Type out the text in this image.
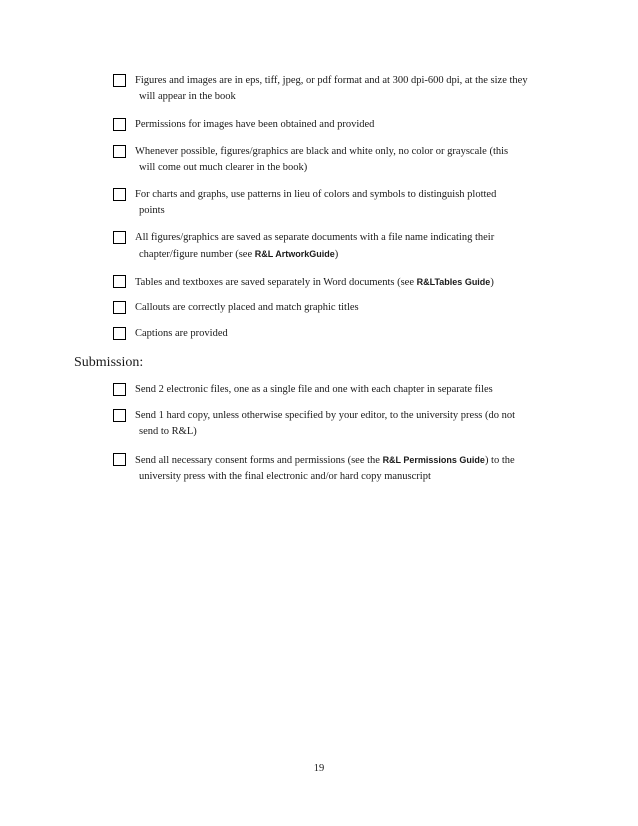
Figures and images are in eps, tiff, jpeg, or pdf format and at 300 dpi-600 dpi, at the size they
will appear in the book
Permissions for images have been obtained and provided
Whenever possible, figures/graphics are black and white only, no color or grayscale (this
will come out much clearer in the book)
For charts and graphs, use patterns in lieu of colors and symbols to distinguish plotted
points
All figures/graphics are saved as separate documents with a file name indicating their
chapter/figure number (see R&L ArtworkGuide)
Tables and textboxes are saved separately in Word documents (see R&LTables Guide)
Callouts are correctly placed and match graphic titles
Captions are provided
Submission:
Send 2 electronic files, one as a single file and one with each chapter in separate files
Send 1 hard copy, unless otherwise specified by your editor, to the university press (do not
send to R&L)
Send all necessary consent forms and permissions (see the R&L Permissions Guide) to the
university press with the final electronic and/or hard copy manuscript
19
